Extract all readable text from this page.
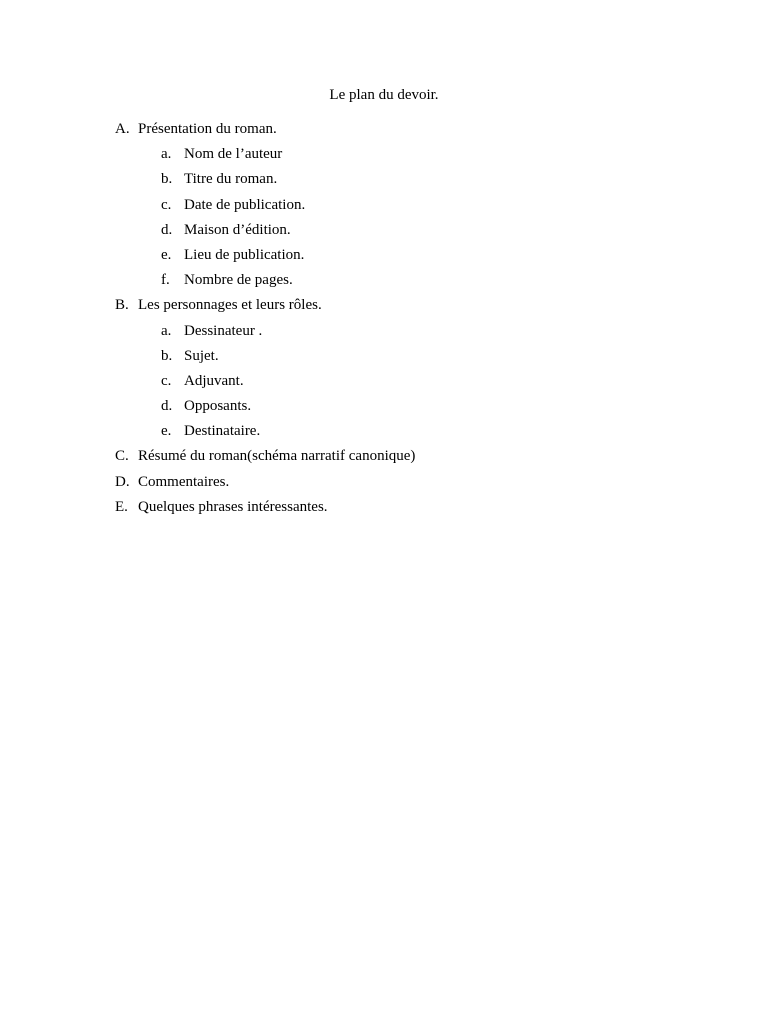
Le plan du devoir.
A. Présentation du roman.
a. Nom de l’auteur
b. Titre du roman.
c. Date de publication.
d. Maison d’édition.
e. Lieu de publication.
f. Nombre de pages.
B. Les personnages et leurs rôles.
a. Dessinateur .
b. Sujet.
c. Adjuvant.
d. Opposants.
e. Destinataire.
C. Résumé du roman(schéma narratif canonique)
D. Commentaires.
E. Quelques phrases intéressantes.
